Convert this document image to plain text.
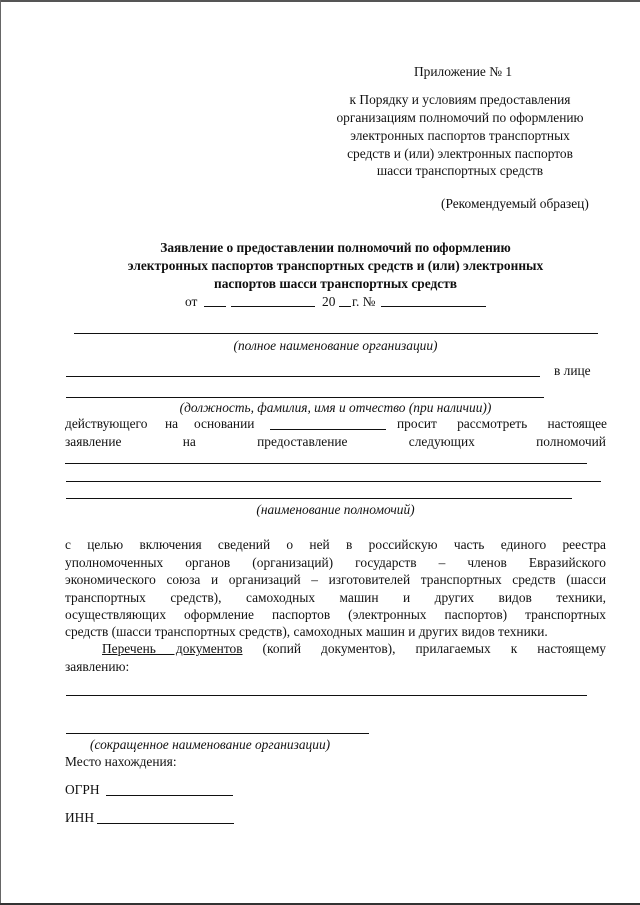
Приложение № 1
к Порядку и условиям предоставления
организациям полномочий по оформлению
электронных паспортов транспортных
средств и (или) электронных паспортов
шасси транспортных средств
(Рекомендуемый образец)
Заявление о предоставлении полномочий по оформлению
электронных паспортов транспортных средств и (или) электронных
паспортов шасси транспортных средств
от	20 г. №
(полное наименование организации)
в лице
(должность, фамилия, имя и отчество (при наличии))
действующего на основании	просит рассмотреть настоящее
заявление	на	предоставление	следующих	полномочий
(наименование полномочий)
с целью включения сведений о ней в российскую часть единого реестра
уполномоченных органов (организаций) государств – членов Евразийского
экономического союза и организаций – изготовителей транспортных средств (шасси
транспортных средств), самоходных машин и других видов техники,
осуществляющих оформление паспортов (электронных паспортов) транспортных
средств (шасси транспортных средств), самоходных машин и других видов техники.
Перечень документов (копий документов), прилагаемых к настоящему
заявлению:
(сокращенное наименование организации)
Место нахождения:
ОГРН
ИНН
